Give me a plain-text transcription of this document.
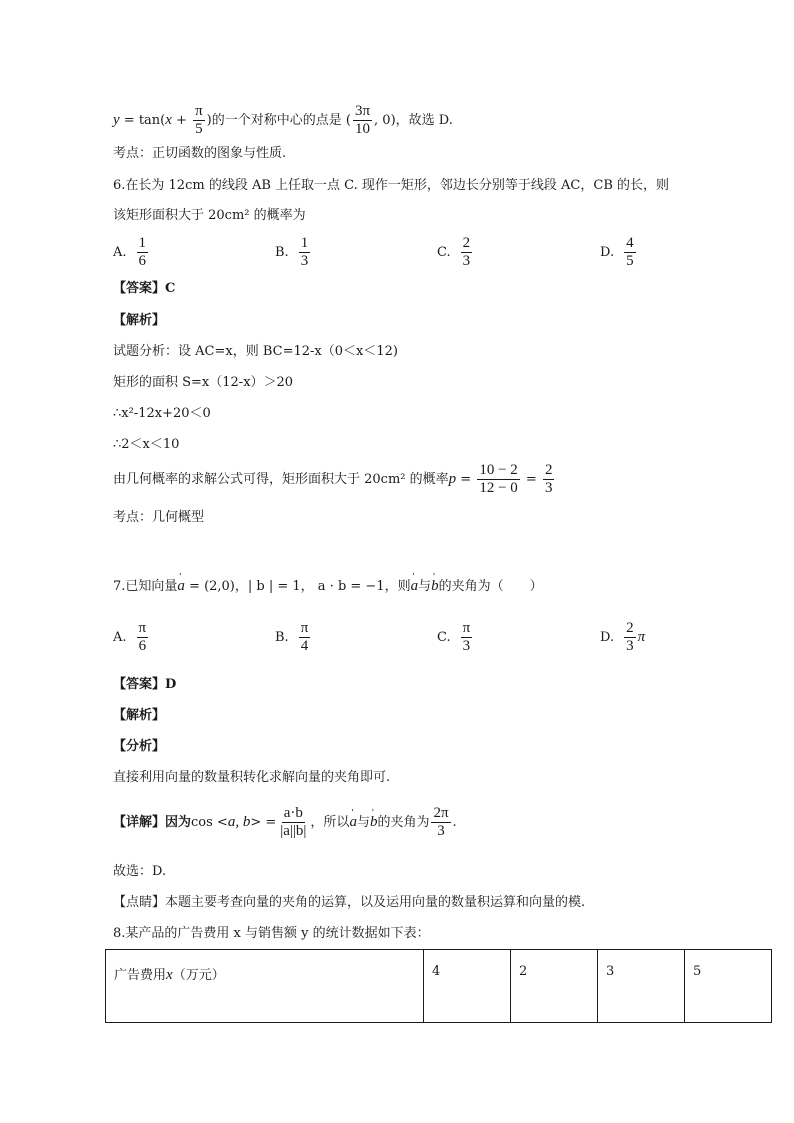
$y = \tan(x + \frac{\pi}{5}$ )的一个对称中心的点是 ( $\frac{3\pi}{10}$ , 0)，故选 D.
考点：正切函数的图象与性质.
6.在长为 12cm 的线段 AB 上任取一点 C. 现作一矩形，邻边长分别等于线段 AC，CB 的长，则
该矩形面积大于 20cm² 的概率为
A. $\frac{1}{6}$	B. $\frac{1}{3}$	C. $\frac{2}{3}$	D. $\frac{4}{5}$
【答案】C
【解析】
试题分析：设 AC=x，则 BC=12-x（0＜x＜12)
矩形的面积 S=x（12-x）＞20
∴x²-12x+20＜0
∴2＜x＜10
由几何概率的求解公式可得，矩形面积大于 20cm² 的概率$p = \frac{10 - 2}{12 - 0} = \frac{2}{3}$
考点：几何概型
7.已知向量' a = (2,0)，| b | = 1， a · b = −1，则' a与' b的夹角为（　　）
A. $\frac{\pi}{6}$	B. $\frac{\pi}{4}$	C. $\frac{\pi}{3}$	D. $\frac{2}{3}$ π
【答案】D
【解析】
【分析】
直接利用向量的数量积转化求解向量的夹角即可.
【详解】因为cos <a, $b> = \frac{a\cdot b}{|a||b|}$ ，所以' a与' b的夹角为 $\frac{2\pi}{3}$ .
故选：D.
【点睛】本题主要考查向量的夹角的运算，以及运用向量的数量积运算和向量的模.
8.某产品的广告费用 x 与销售额 y 的统计数据如下表：
广告费用x（万元）	4	2	3	5
